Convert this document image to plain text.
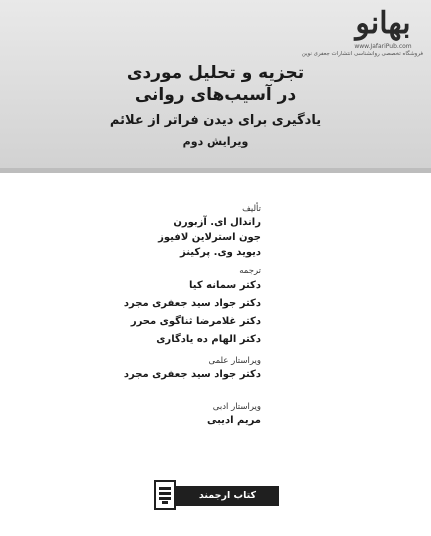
بهانو
www.JafariPub.com
فروشگاه تخصصی روانشناسی انتشارات جعفری نوین
تجزیه و تحلیل موردی
در آسیب‌های روانی
یادگیری برای دیدن فراتر از علائم
ویرایش دوم
تألیف
راندال ای. آزبورن
جون استرلاین لافیوز
دیوید وی. پرکینز
ترجمه
دکتر سمانه کیا
دکتر جواد سید جعفری مجرد
دکتر غلامرضا ثناگوی محرر
دکتر الهام ده یادگاری
ویراستار علمی
دکتر جواد سید جعفری مجرد
ویراستار ادبی
مریم ادیبی
کتاب ارجمند
